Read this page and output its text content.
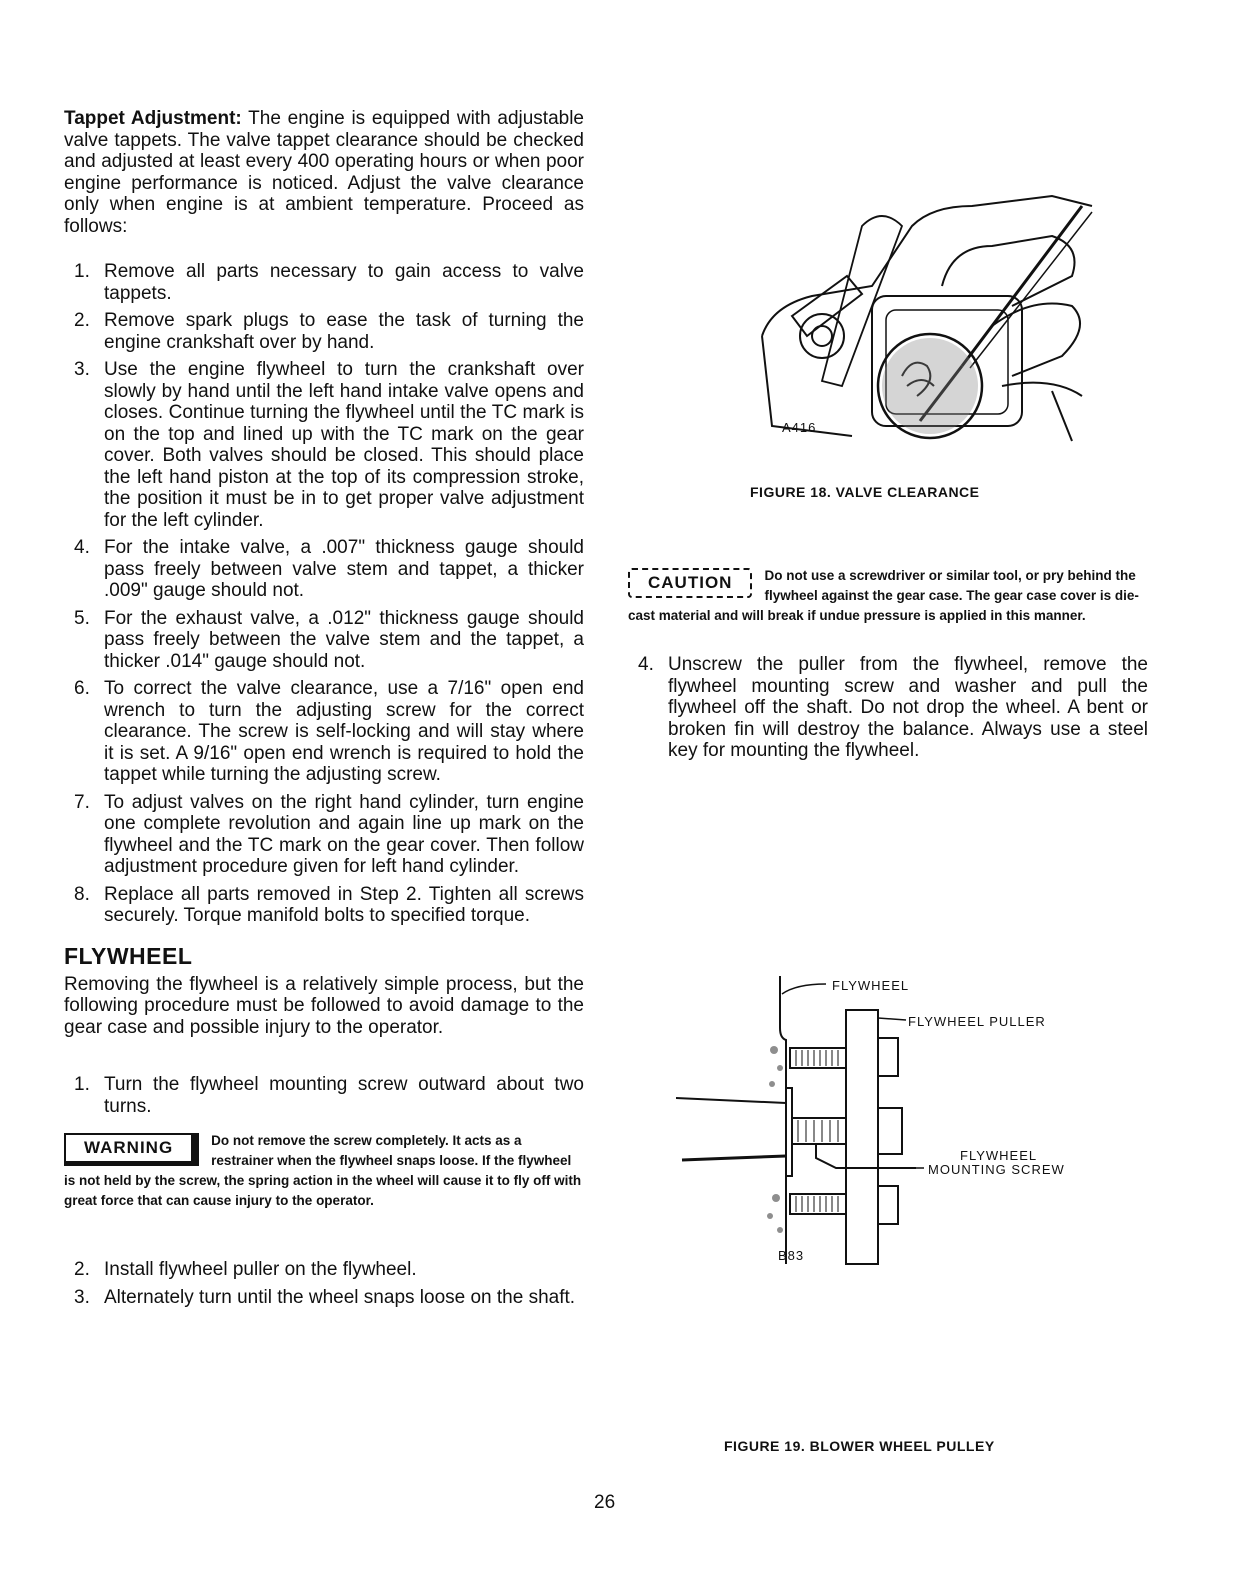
Tappet Adjustment: The engine is equipped with adjustable valve tappets. The valve tappet clearance should be checked and adjusted at least every 400 operating hours or when poor engine performance is noticed. Adjust the valve clearance only when engine is at ambient temperature. Proceed as follows:

1. Remove all parts necessary to gain access to valve tappets.
2. Remove spark plugs to ease the task of turning the engine crankshaft over by hand.
3. Use the engine flywheel to turn the crankshaft over slowly by hand until the left hand intake valve opens and closes. Continue turning the flywheel until the TC mark is on the top and lined up with the TC mark on the gear cover. Both valves should be closed. This should place the left hand piston at the top of its compression stroke, the position it must be in to get proper valve adjustment for the left cylinder.
4. For the intake valve, a .007" thickness gauge should pass freely between valve stem and tappet, a thicker .009" gauge should not.
5. For the exhaust valve, a .012" thickness gauge should pass freely between the valve stem and the tappet, a thicker .014" gauge should not.
6. To correct the valve clearance, use a 7/16" open end wrench to turn the adjusting screw for the correct clearance. The screw is self-locking and will stay where it is set. A 9/16" open end wrench is required to hold the tappet while turning the adjusting screw.
7. To adjust valves on the right hand cylinder, turn engine one complete revolution and again line up mark on the flywheel and the TC mark on the gear cover. Then follow adjustment procedure given for left hand cylinder.
8. Replace all parts removed in Step 2. Tighten all screws securely. Torque manifold bolts to specified torque.
FLYWHEEL

Removing the flywheel is a relatively simple process, but the following procedure must be followed to avoid damage to the gear case and possible injury to the operator.

1. Turn the flywheel mounting screw outward about two turns.
WARNING	Do not remove the screw completely. It acts as a restrainer when the flywheel snaps loose. If the flywheel is not held by the screw, the spring action in the wheel will cause it to fly off with great force that can cause injury to the operator.
2. Install flywheel puller on the flywheel.
3. Alternately turn until the wheel snaps loose on the shaft.
A416
FIGURE 18. VALVE CLEARANCE
CAUTION	Do not use a screwdriver or similar tool, or pry behind the flywheel against the gear case. The gear case cover is die-cast material and will break if undue pressure is applied in this manner.
4. Unscrew the puller from the flywheel, remove the flywheel mounting screw and washer and pull the flywheel off the shaft. Do not drop the wheel. A bent or broken fin will destroy the balance. Always use a steel key for mounting the flywheel.
FLYWHEEL
FLYWHEEL PULLER
FLYWHEEL
MOUNTING SCREW
B83
FIGURE 19. BLOWER WHEEL PULLEY
26
